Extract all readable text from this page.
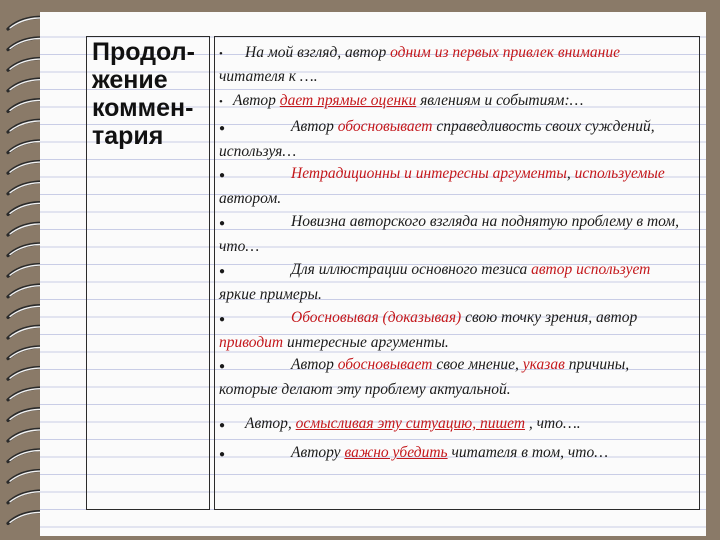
Продол-
жение
коммен-
тария

• На мой взгляд, автор одним из первых привлек внимание читателя к ….
• Автор дает прямые оценки явлениям и событиям:…
●	Автор обосновывает справедливость своих суждений, используя…
●	Нетрадиционны и интересны аргументы, используемые автором.
●	Новизна авторского взгляда на поднятую проблему в том, что…
●	Для иллюстрации основного тезиса автор использует яркие примеры.
●	Обосновывая (доказывая) свою точку зрения, автор приводит интересные аргументы.
●	Автор обосновывает свое мнение, указав причины, которые делают эту проблему актуальной.
● Автор, осмысливая эту ситуацию, пишет , что….
●	Автору важно убедить читателя в том, что…
